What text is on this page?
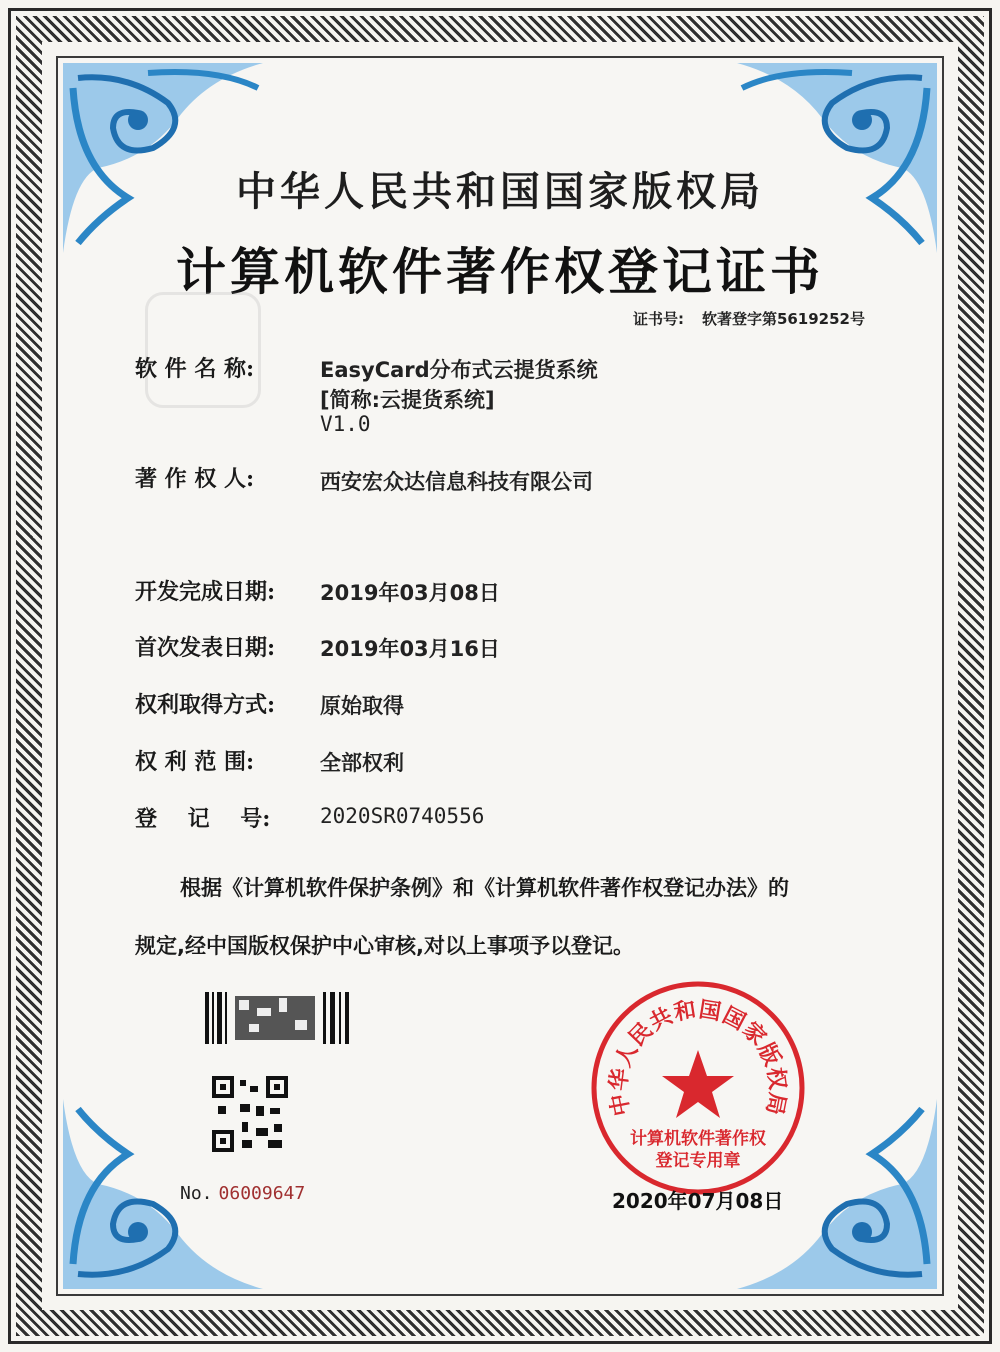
中华人民共和国国家版权局
计算机软件著作权登记证书
证书号: 软著登字第5619252号
软 件 名 称:	EasyCard分布式云提货系统
[简称:云提货系统]
V1.0
著 作 权 人:	西安宏众达信息科技有限公司
开发完成日期: 2019年03月08日
首次发表日期: 2019年03月16日
权利取得方式: 原始取得
权 利 范 围:	全部权利
登    记    号: 2020SR0740556
根据《计算机软件保护条例》和《计算机软件著作权登记办法》的
规定,经中国版权保护中心审核,对以上事项予以登记。
No. 06009647
中华人民共和国国家版权局
计算机软件著作权
登记专用章
2020年07月08日
